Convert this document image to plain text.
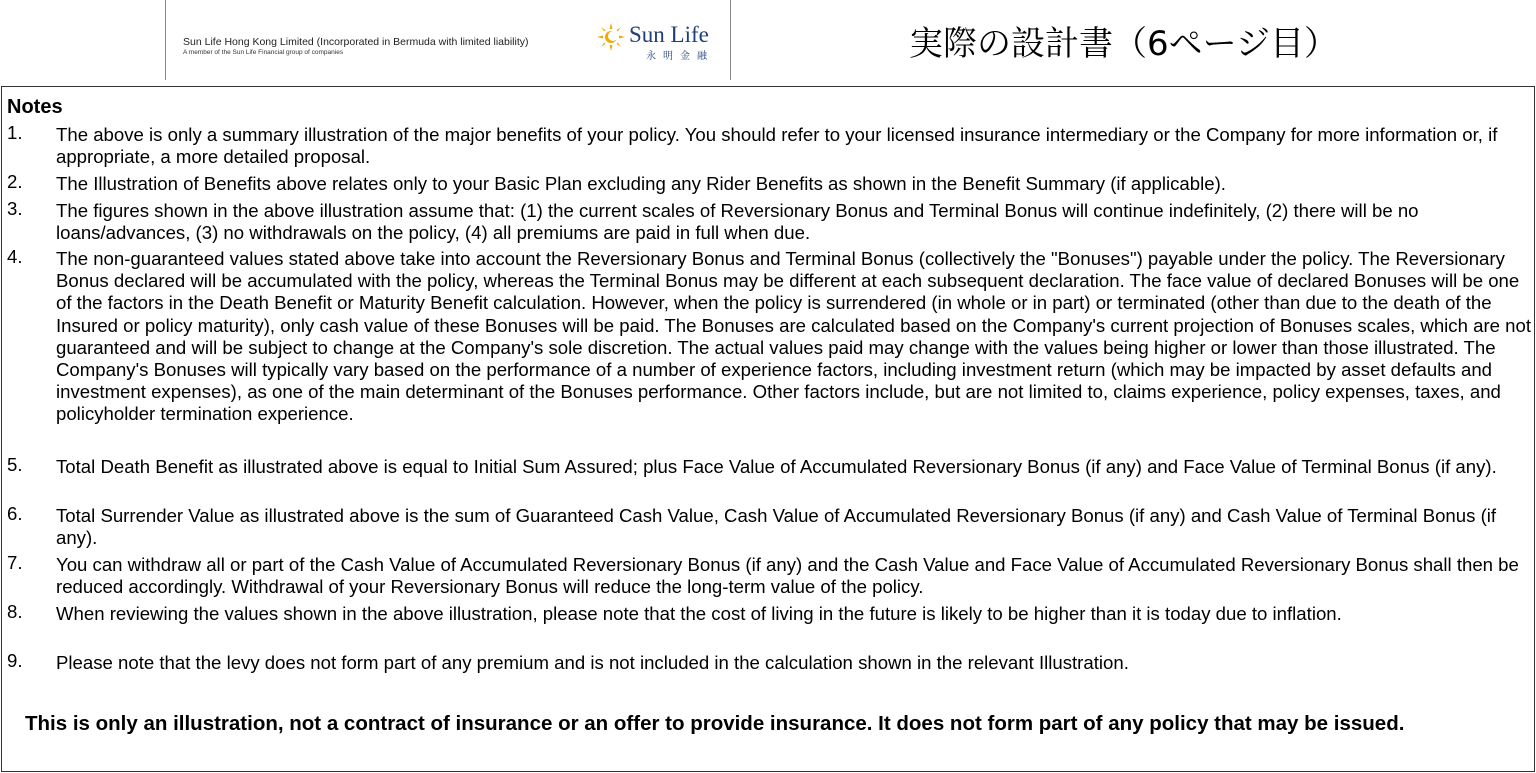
Sun Life Hong Kong Limited (Incorporated in Bermuda with limited liability)
A member of the Sun Life Financial group of companies
Sun Life
永明金融	実際の設計書（6ページ目）
Notes
1.	The above is only a summary illustration of the major benefits of your policy. You should refer to your licensed insurance intermediary or the Company for more information or, if appropriate, a more detailed proposal.
2.	The Illustration of Benefits above relates only to your Basic Plan excluding any Rider Benefits as shown in the Benefit Summary (if applicable).
3.	The figures shown in the above illustration assume that: (1) the current scales of Reversionary Bonus and Terminal Bonus will continue indefinitely, (2) there will be no loans/advances, (3) no withdrawals on the policy, (4) all premiums are paid in full when due.
4.	The non-guaranteed values stated above take into account the Reversionary Bonus and Terminal Bonus (collectively the "Bonuses") payable under the policy. The Reversionary Bonus declared will be accumulated with the policy, whereas the Terminal Bonus may be different at each subsequent declaration. The face value of declared Bonuses will be one of the factors in the Death Benefit or Maturity Benefit calculation. However, when the policy is surrendered (in whole or in part) or terminated (other than due to the death of the Insured or policy maturity), only cash value of these Bonuses will be paid. The Bonuses are calculated based on the Company's current projection of Bonuses scales, which are not guaranteed and will be subject to change at the Company's sole discretion. The actual values paid may change with the values being higher or lower than those illustrated. The Company's Bonuses will typically vary based on the performance of a number of experience factors, including investment return (which may be impacted by asset defaults and investment expenses), as one of the main determinant of the Bonuses performance. Other factors include, but are not limited to, claims experience, policy expenses, taxes, and policyholder termination experience.
5.	Total Death Benefit as illustrated above is equal to Initial Sum Assured; plus Face Value of Accumulated Reversionary Bonus (if any) and Face Value of Terminal Bonus (if any).
6.	Total Surrender Value as illustrated above is the sum of Guaranteed Cash Value, Cash Value of Accumulated Reversionary Bonus (if any) and Cash Value of Terminal Bonus (if any).
7.	You can withdraw all or part of the Cash Value of Accumulated Reversionary Bonus (if any) and the Cash Value and Face Value of Accumulated Reversionary Bonus shall then be reduced accordingly. Withdrawal of your Reversionary Bonus will reduce the long-term value of the policy.
8.	When reviewing the values shown in the above illustration, please note that the cost of living in the future is likely to be higher than it is today due to inflation.
9.	Please note that the levy does not form part of any premium and is not included in the calculation shown in the relevant Illustration.
This is only an illustration, not a contract of insurance or an offer to provide insurance. It does not form part of any policy that may be issued.
